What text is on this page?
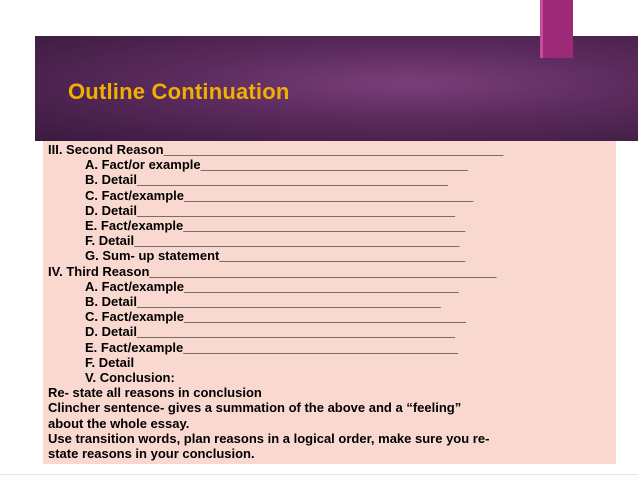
Outline Continuation
III. Second Reason_______________________________________________
A. Fact/or example_____________________________________
B. Detail___________________________________________
C. Fact/example________________________________________
D. Detail____________________________________________
E. Fact/example_______________________________________
F. Detail_____________________________________________
G. Sum- up statement__________________________________
IV. Third Reason________________________________________________
A. Fact/example______________________________________
B. Detail__________________________________________
C. Fact/example_______________________________________
D. Detail____________________________________________
E. Fact/example______________________________________
F. Detail
V. Conclusion:
Re- state all reasons in conclusion
Clincher sentence- gives a summation of the above and a “feeling”
about the whole essay.
Use transition words, plan reasons in a logical order, make sure you re-
state reasons in your conclusion.
